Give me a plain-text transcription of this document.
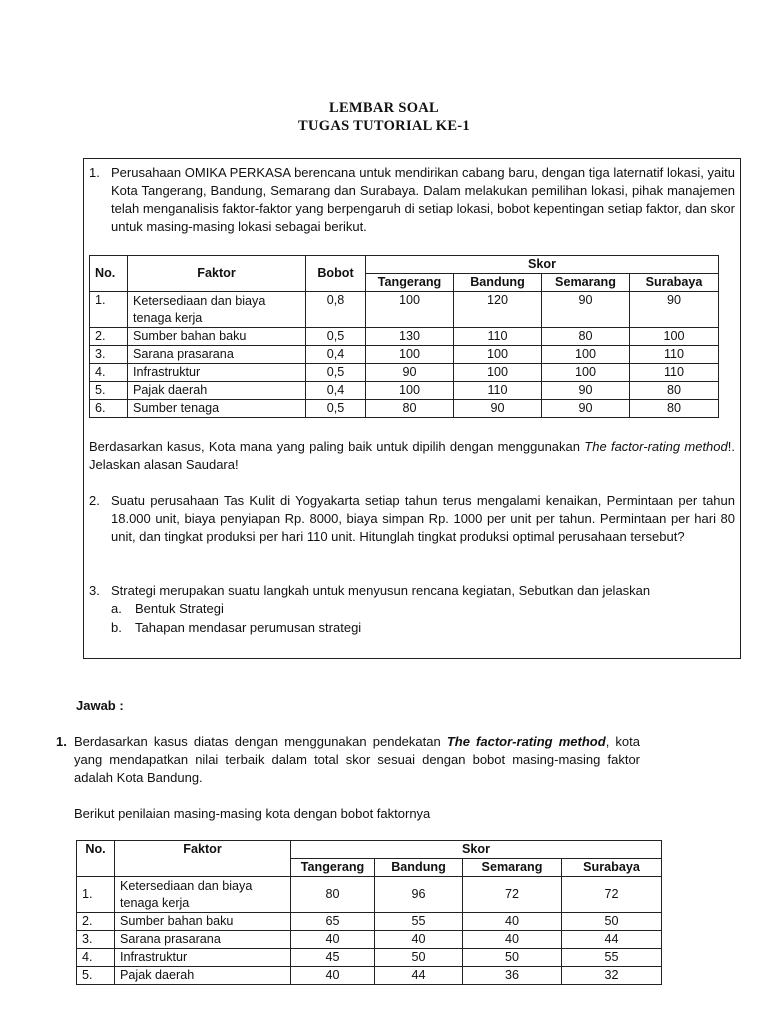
LEMBAR SOAL
TUGAS TUTORIAL KE-1
1. Perusahaan OMIKA PERKASA berencana untuk mendirikan cabang baru, dengan tiga laternatif lokasi, yaitu Kota Tangerang, Bandung, Semarang dan Surabaya. Dalam melakukan pemilihan lokasi, pihak manajemen telah menganalisis faktor-faktor yang berpengaruh di setiap lokasi, bobot kepentingan setiap faktor, dan skor untuk masing-masing lokasi sebagai berikut.
No.	Faktor	Bobot	Skor			
			Tangerang	Bandung	Semarang	Surabaya
1.	Ketersediaan dan biaya tenaga kerja	0,8	100	120	90	90
2.	Sumber bahan baku	0,5	130	110	80	100
3.	Sarana prasarana	0,4	100	100	100	110
4.	Infrastruktur	0,5	90	100	100	110
5.	Pajak daerah	0,4	100	110	90	80
6.	Sumber tenaga	0,5	80	90	90	80
Berdasarkan kasus, Kota mana yang paling baik untuk dipilih dengan menggunakan The factor-rating method!. Jelaskan alasan Saudara!
2. Suatu perusahaan Tas Kulit di Yogyakarta setiap tahun terus mengalami kenaikan, Permintaan per tahun 18.000 unit, biaya penyiapan Rp. 8000, biaya simpan Rp. 1000 per unit per tahun. Permintaan per hari 80 unit, dan tingkat produksi per hari 110 unit. Hitunglah tingkat produksi optimal perusahaan tersebut?
3. Strategi merupakan suatu langkah untuk menyusun rencana kegiatan, Sebutkan dan jelaskan
a. Bentuk Strategi
b. Tahapan mendasar perumusan strategi
Jawab :
1. Berdasarkan kasus diatas dengan menggunakan pendekatan The factor-rating method, kota yang mendapatkan nilai terbaik dalam total skor sesuai dengan bobot masing-masing faktor adalah Kota Bandung.
Berikut penilaian masing-masing kota dengan bobot faktornya
No.	Faktor	Skor			
		Tangerang	Bandung	Semarang	Surabaya
1.	Ketersediaan dan biaya tenaga kerja	80	96	72	72
2.	Sumber bahan baku	65	55	40	50
3.	Sarana prasarana	40	40	40	44
4.	Infrastruktur	45	50	50	55
5.	Pajak daerah	40	44	36	32
